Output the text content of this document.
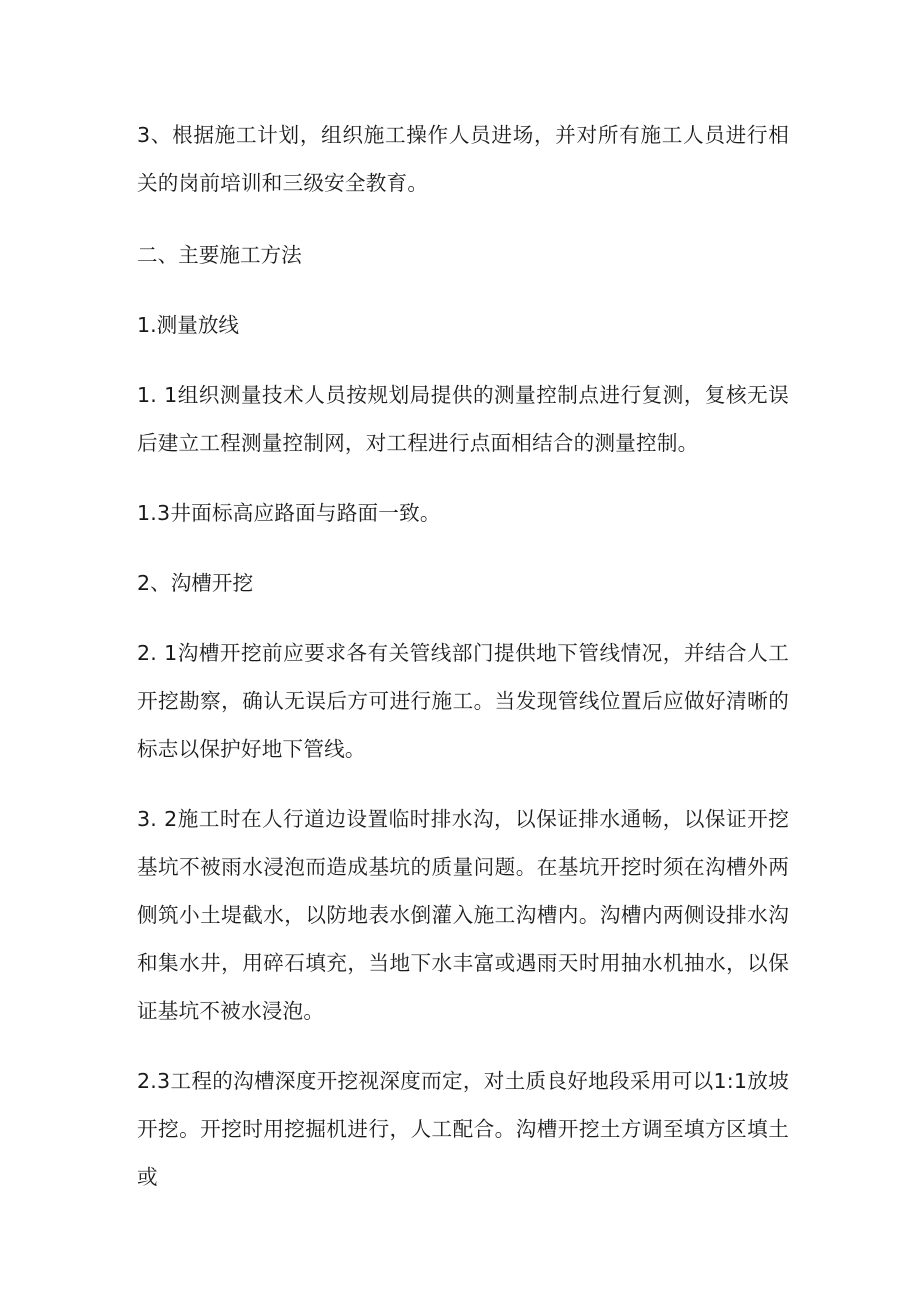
3、根据施工计划，组织施工操作人员进场，并对所有施工人员进行相关的岗前培训和三级安全教育。

二、主要施工方法

1.测量放线

1. 1组织测量技术人员按规划局提供的测量控制点进行复测，复核无误后建立工程测量控制网，对工程进行点面相结合的测量控制。

1.3井面标高应路面与路面一致。

2、沟槽开挖

2. 1沟槽开挖前应要求各有关管线部门提供地下管线情况，并结合人工开挖勘察，确认无误后方可进行施工。当发现管线位置后应做好清晰的标志以保护好地下管线。

3. 2施工时在人行道边设置临时排水沟，以保证排水通畅，以保证开挖基坑不被雨水浸泡而造成基坑的质量问题。在基坑开挖时须在沟槽外两侧筑小土堤截水，以防地表水倒灌入施工沟槽内。沟槽内两侧设排水沟和集水井，用碎石填充，当地下水丰富或遇雨天时用抽水机抽水，以保证基坑不被水浸泡。

2.3工程的沟槽深度开挖视深度而定，对土质良好地段采用可以1:1放坡开挖。开挖时用挖掘机进行，人工配合。沟槽开挖土方调至填方区填土或
